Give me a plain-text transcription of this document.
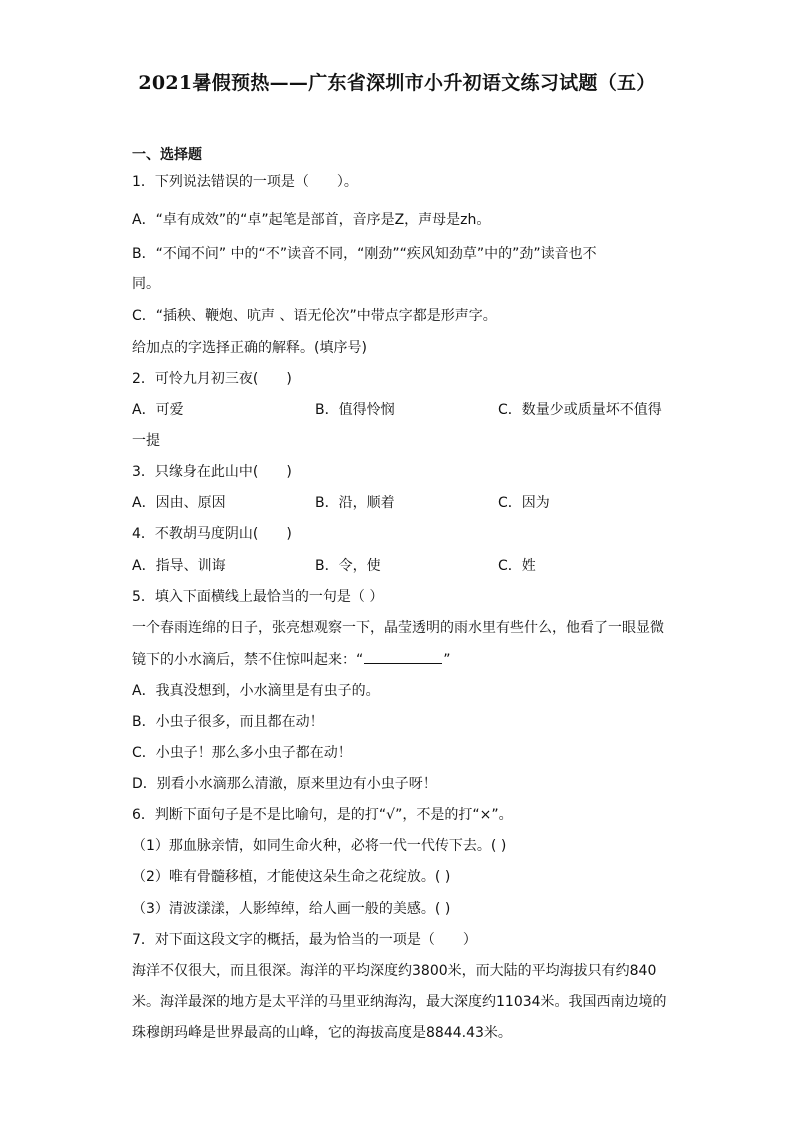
2021暑假预热——广东省深圳市小升初语文练习试题（五）
一、选择题
1．下列说法错误的一项是（　　）。
A．“卓有成效”的“卓”起笔是部首，音序是Z，声母是zh。
B．“不闻不问” 中的“不”读音不同，“刚劲”“疾风知劲草”中的”劲”读音也不
同。
C．“插秧、鞭炮、吭声 、语无伦次”中带点字都是形声字。
给加点的字选择正确的解释。(填序号)
2．可怜九月初三夜(　　)
A．可爱	B．值得怜悯	C．数量少或质量坏不值得
一提
3．只缘身在此山中(　　)
A．因由、原因	B．沿，顺着	C．因为
4．不教胡马度阴山(　　)
A．指导、训诲	B．令，使	C．姓
5．填入下面横线上最恰当的一句是（ ）
一个春雨连绵的日子，张亮想观察一下，晶莹透明的雨水里有些什么，他看了一眼显微
镜下的小水滴后，禁不住惊叫起来：“	”
A．我真没想到，小水滴里是有虫子的。
B．小虫子很多，而且都在动！
C．小虫子！那么多小虫子都在动！
D．别看小水滴那么清澈，原来里边有小虫子呀！
6．判断下面句子是不是比喻句，是的打“√”，不是的打“×”。
（1）那血脉亲情，如同生命火种，必将一代一代传下去。( )
（2）唯有骨髓移植，才能使这朵生命之花绽放。( )
（3）清波漾漾，人影绰绰，给人画一般的美感。( )
7．对下面这段文字的概括，最为恰当的一项是（　　）
海洋不仅很大，而且很深。海洋的平均深度约3800米，而大陆的平均海拔只有约840
米。海洋最深的地方是太平洋的马里亚纳海沟，最大深度约11034米。我国西南边境的
珠穆朗玛峰是世界最高的山峰，它的海拔高度是8844.43米。
